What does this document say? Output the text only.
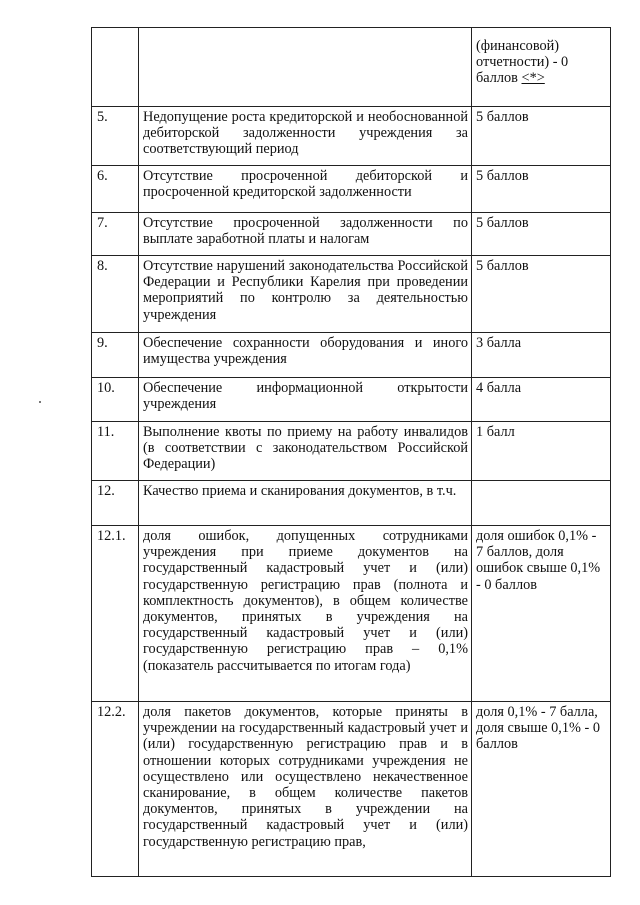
		(финансовой) отчетности) - 0 баллов <*>
5.	Недопущение роста кредиторской и необоснованной дебиторской задолженности учреждения за соответствующий период	5 баллов
6.	Отсутствие просроченной дебиторской и просроченной кредиторской задолженности	5 баллов
7.	Отсутствие просроченной задолженности по выплате заработной платы и налогам	5 баллов
8.	Отсутствие нарушений законодательства Российской Федерации и Республики Карелия при проведении мероприятий по контролю за деятельностью учреждения	5 баллов
9.	Обеспечение сохранности оборудования и иного имущества учреждения	3 балла
10.	Обеспечение информационной открытости учреждения	4 балла
11.	Выполнение квоты по приему на работу инвалидов (в соответствии с законодательством Российской Федерации)	1 балл
12.	Качество приема и сканирования документов, в т.ч.	
12.1.	доля ошибок, допущенных сотрудниками учреждения при приеме документов на государственный кадастровый учет и (или) государственную регистрацию прав (полнота и комплектность документов), в общем количестве документов, принятых в учреждения на государственный кадастровый учет и (или) государственную регистрацию прав – 0,1% (показатель рассчитывается по итогам года)	доля ошибок 0,1% - 7 баллов, доля ошибок свыше 0,1% - 0 баллов
12.2.	доля пакетов документов, которые приняты в учреждении на государственный кадастровый учет и (или) государственную регистрацию прав и в отношении которых сотрудниками учреждения не осуществлено или осуществлено некачественное сканирование, в общем количестве пакетов документов, принятых в учреждении на государственный кадастровый учет и (или) государственную регистрацию прав,	доля 0,1% - 7 балла, доля свыше 0,1% - 0 баллов
